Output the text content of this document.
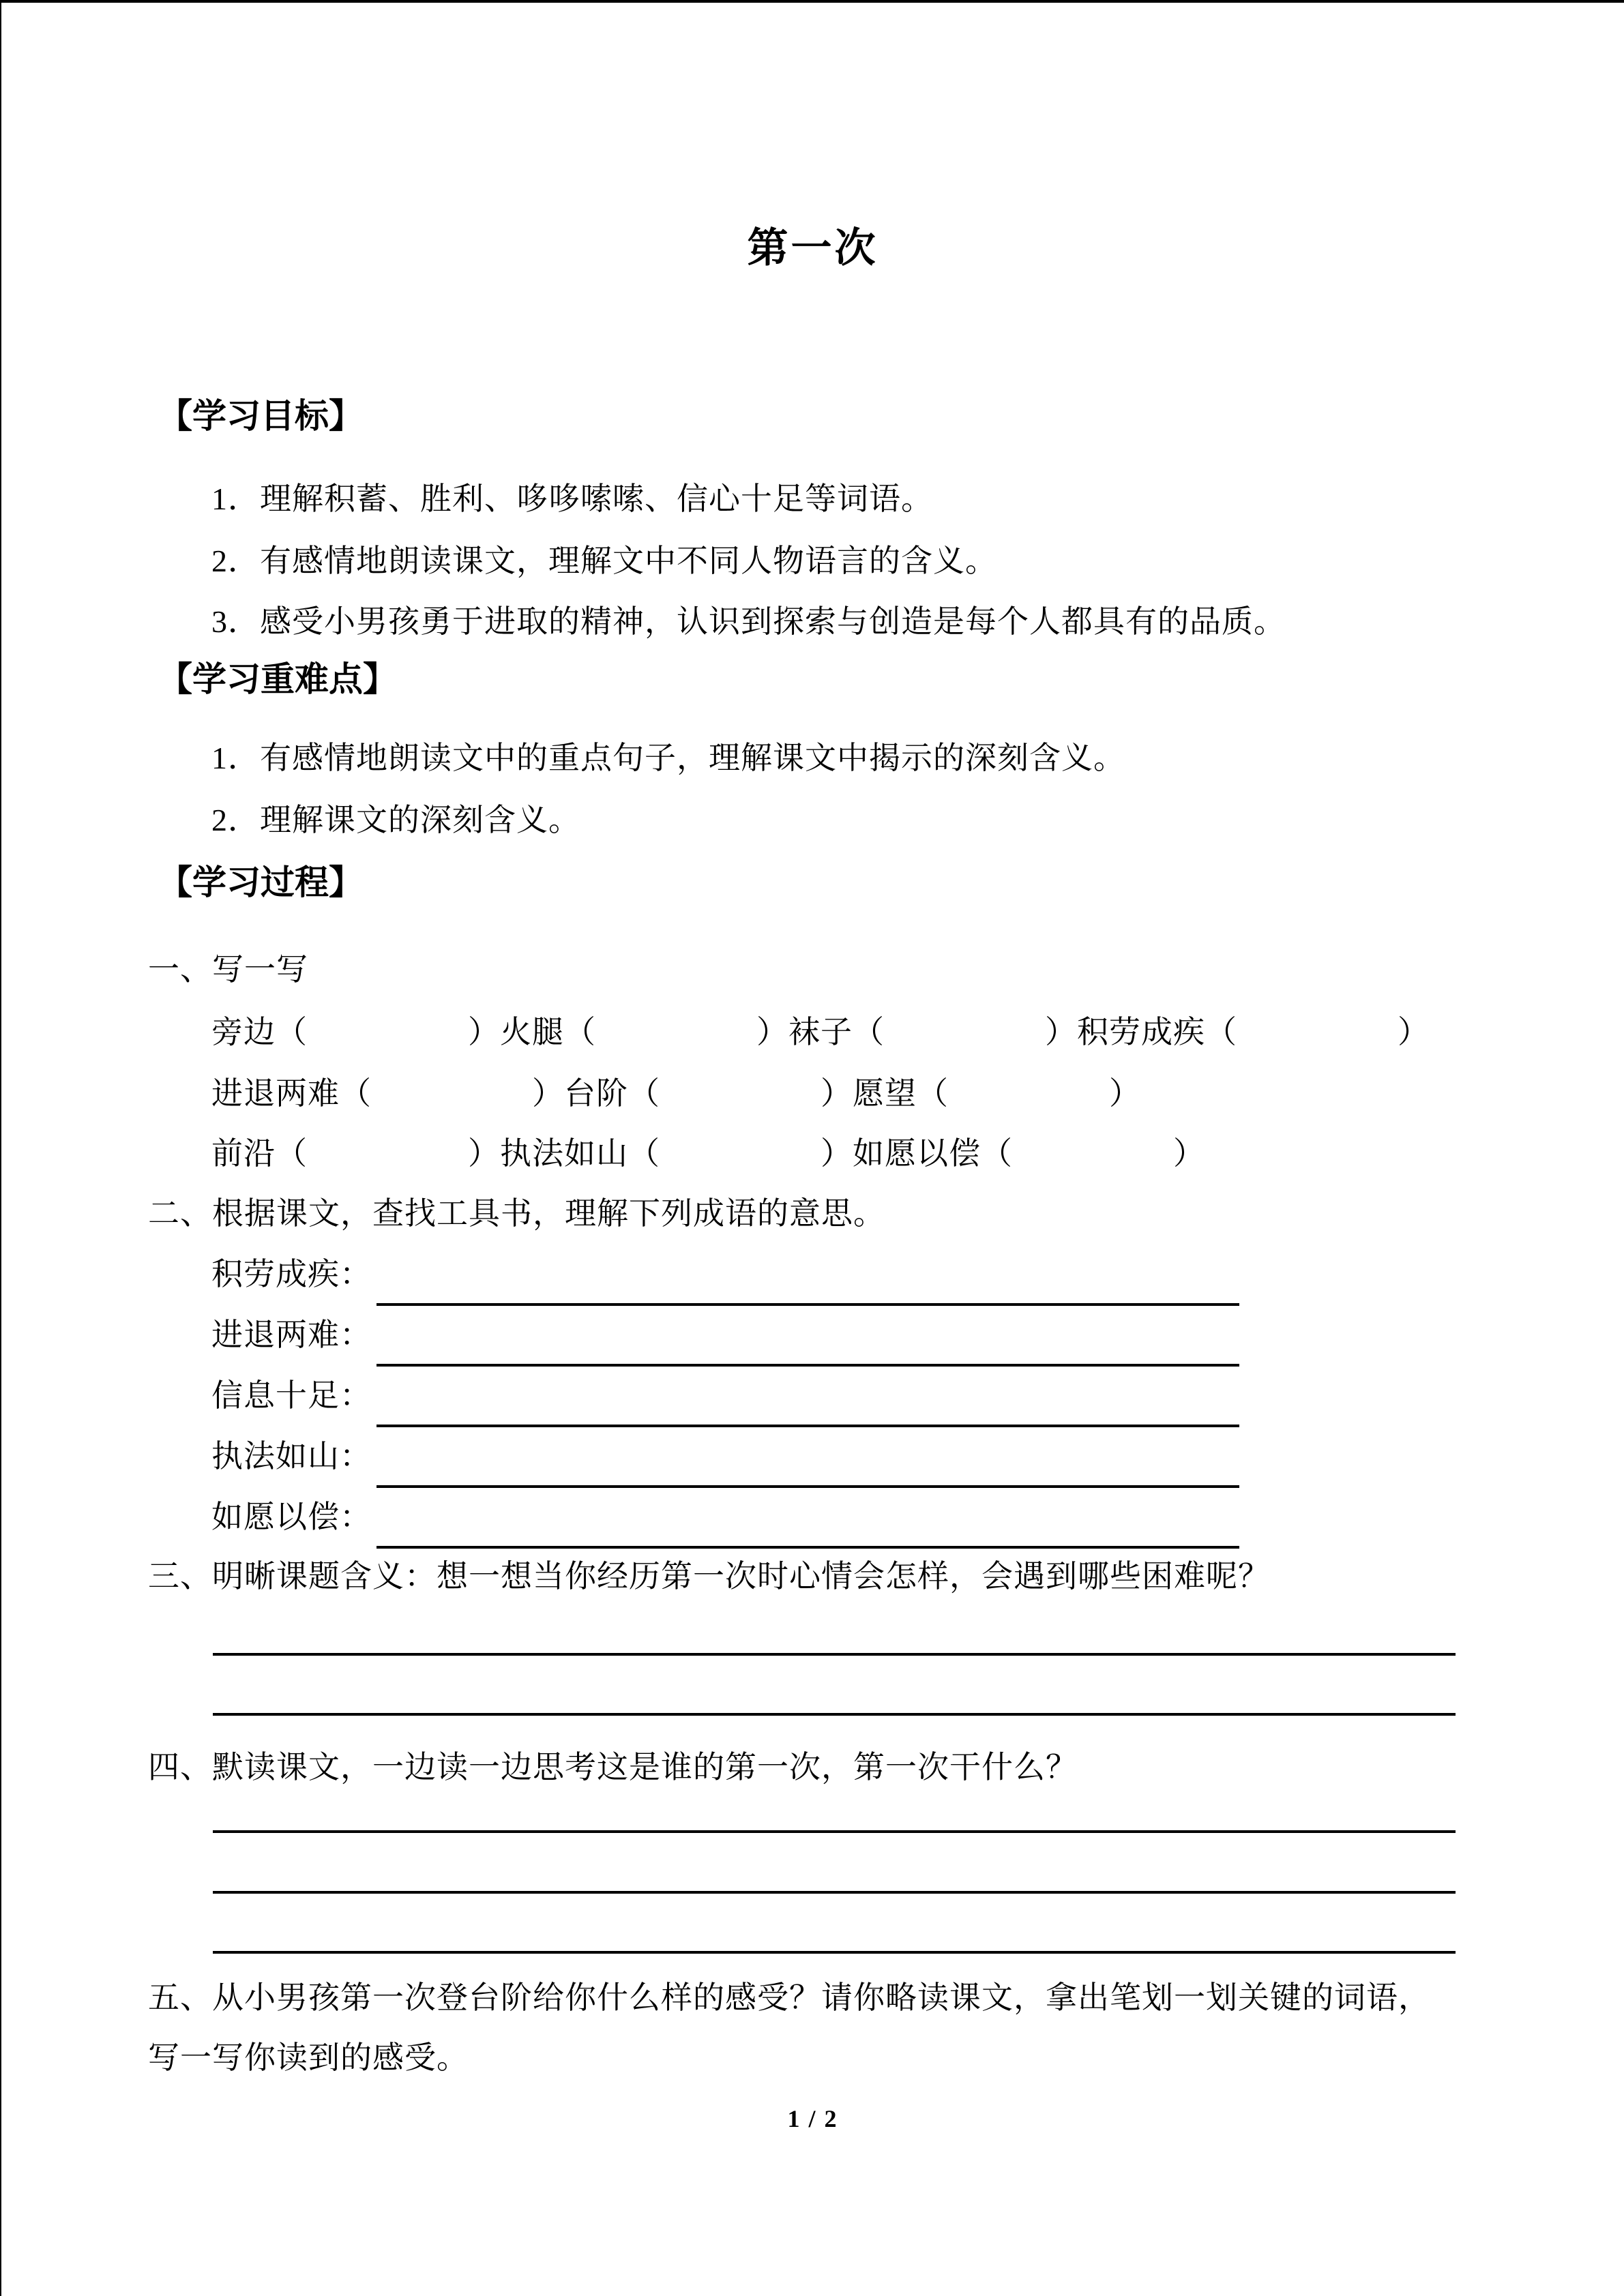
第一次
【学习目标】
1．理解积蓄、胜利、哆哆嗦嗦、信心十足等词语。
2．有感情地朗读课文，理解文中不同人物语言的含义。
3．感受小男孩勇于进取的精神，认识到探索与创造是每个人都具有的品质。
【学习重难点】
1．有感情地朗读文中的重点句子，理解课文中揭示的深刻含义。
2．理解课文的深刻含义。
【学习过程】
一、写一写
旁边（	）火腿（	）袜子（	）积劳成疾（	）
进退两难（	）台阶（	）愿望（	）
前沿（	）执法如山（	）如愿以偿（	）
二、根据课文，查找工具书，理解下列成语的意思。
积劳成疾：
进退两难：
信息十足：
执法如山：
如愿以偿：
三、明晰课题含义：想一想当你经历第一次时心情会怎样，会遇到哪些困难呢？
四、默读课文，一边读一边思考这是谁的第一次，第一次干什么？
五、从小男孩第一次登台阶给你什么样的感受？请你略读课文，拿出笔划一划关键的词语，
写一写你读到的感受。
1 / 2
